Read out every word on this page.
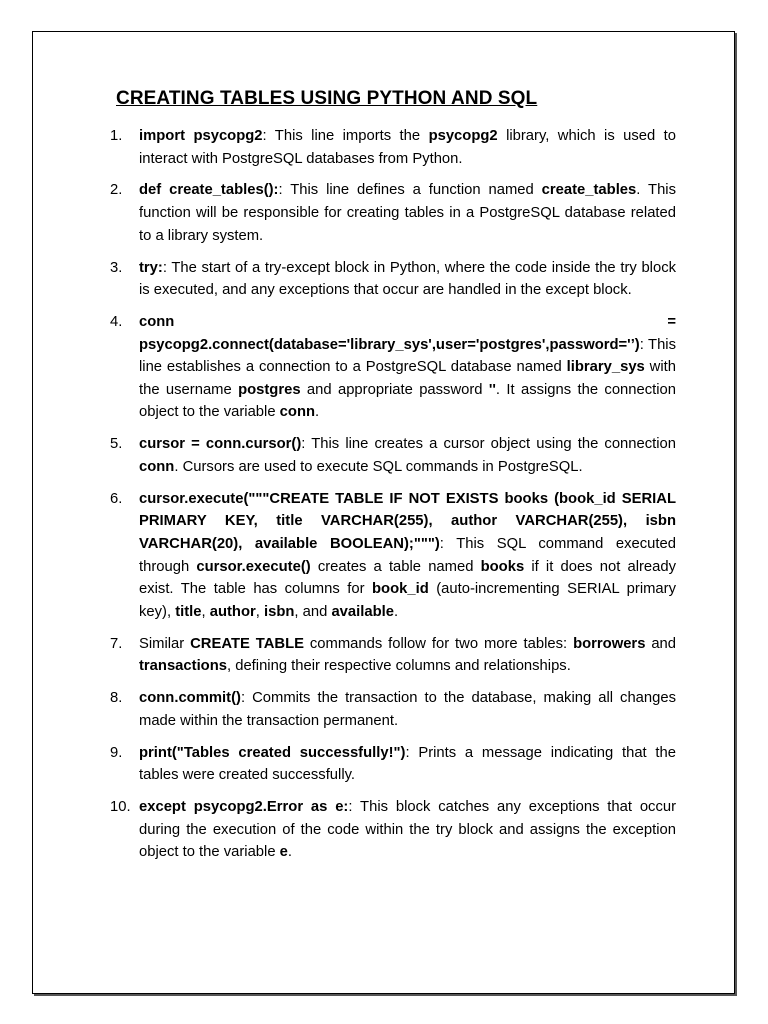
CREATING TABLES USING PYTHON AND SQL
1.	import psycopg2: This line imports the psycopg2 library, which is used to interact with PostgreSQL databases from Python.
2.	def create_tables():: This line defines a function named create_tables. This function will be responsible for creating tables in a PostgreSQL database related to a library system.
3.	try:: The start of a try-except block in Python, where the code inside the try block is executed, and any exceptions that occur are handled in the except block.
4.	conn	=
psycopg2.connect(database='library_sys',user='postgres',password='’): This line establishes a connection to a PostgreSQL database named library_sys with the username postgres and appropriate password ''. It assigns the connection object to the variable conn.
5.	cursor = conn.cursor(): This line creates a cursor object using the connection conn. Cursors are used to execute SQL commands in PostgreSQL.
6.	cursor.execute("""CREATE TABLE IF NOT EXISTS books (book_id SERIAL PRIMARY KEY, title VARCHAR(255), author VARCHAR(255), isbn VARCHAR(20), available BOOLEAN);"""): This SQL command executed through cursor.execute() creates a table named books if it does not already exist. The table has columns for book_id (auto-incrementing SERIAL primary key), title, author, isbn, and available.
7.	Similar CREATE TABLE commands follow for two more tables: borrowers and transactions, defining their respective columns and relationships.
8.	conn.commit(): Commits the transaction to the database, making all changes made within the transaction permanent.
9.	print("Tables created successfully!"): Prints a message indicating that the tables were created successfully.
10. except psycopg2.Error as e:: This block catches any exceptions that occur during the execution of the code within the try block and assigns the exception object to the variable e.
